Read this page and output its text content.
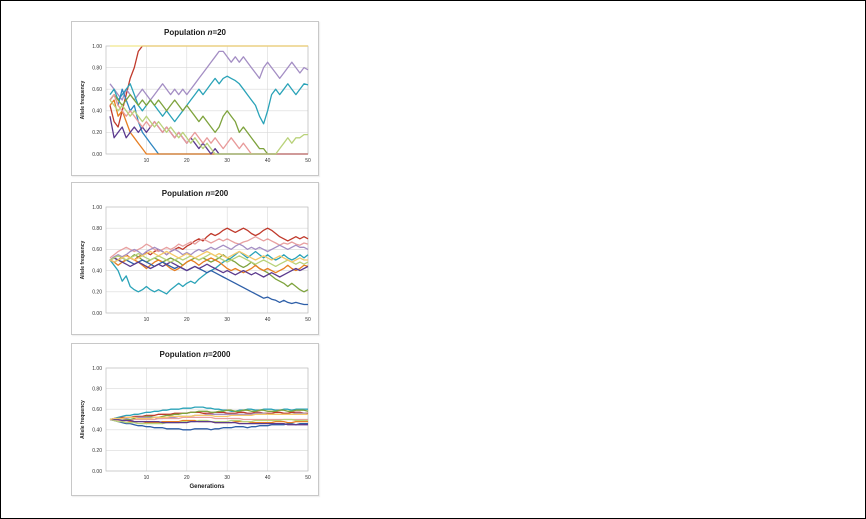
Population n=20
0.00
0.20
0.40
0.60
0.80
1.00
10	20	30	40	50
Allele frequency
Population n=200
0.00
0.20
0.40
0.60
0.80
1.00
10	20	30	40	50
Allele frequency
Population n=2000
0.00
0.20
0.40
0.60
0.80
1.00
10	20	30	40	50
Allele frequency
Generations
